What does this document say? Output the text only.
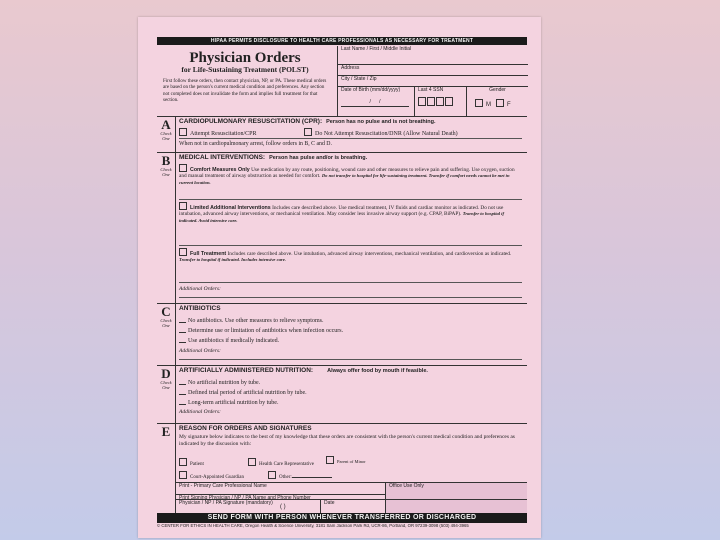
HIPAA PERMITS DISCLOSURE TO HEALTH CARE PROFESSIONALS AS NECESSARY FOR TREATMENT
Physician Orders
for Life-Sustaining Treatment (POLST)
First follow these orders, then contact physician, NP, or PA. These medical orders are based on the person's current medical condition and preferences. Any section not completed does not invalidate the form and implies full treatment for that section.
Last Name / First / Middle Initial
Address
City / State / Zip
Date of Birth (mm/dd/yyyy)
/      /
Last 4 SSN	Gender
M	F
A
Check One
CARDIOPULMONARY RESUSCITATION (CPR): Person has no pulse and is not breathing.
Attempt Resuscitation/CPR	Do Not Attempt Resuscitation/DNR (Allow Natural Death)
When not in cardiopulmonary arrest, follow orders in B, C and D.
B
Check One
MEDICAL INTERVENTIONS: Person has pulse and/or is breathing.
Comfort Measures Only Use medication by any route, positioning, wound care and other measures to relieve pain and suffering. Use oxygen, suction and manual treatment of airway obstruction as needed for comfort. Do not transfer to hospital for life-sustaining treatment. Transfer if comfort needs cannot be met in current location.
Limited Additional Interventions Includes care described above. Use medical treatment, IV fluids and cardiac monitor as indicated. Do not use intubation, advanced airway interventions, or mechanical ventilation. May consider less invasive airway support (e.g. CPAP, BiPAP). Transfer to hospital if indicated. Avoid intensive care.
Full Treatment Includes care described above. Use intubation, advanced airway interventions, mechanical ventilation, and cardioversion as indicated. Transfer to hospital if indicated. Includes intensive care.
Additional Orders:
C
Check One
ANTIBIOTICS
No antibiotics. Use other measures to relieve symptoms.
Determine use or limitation of antibiotics when infection occurs.
Use antibiotics if medically indicated.
Additional Orders:
D
Check One
ARTIFICIALLY ADMINISTERED NUTRITION:	Always offer food by mouth if feasible.
No artificial nutrition by tube.
Defined trial period of artificial nutrition by tube.
Long-term artificial nutrition by tube.
Additional Orders:
E	REASON FOR ORDERS AND SIGNATURES
My signature below indicates to the best of my knowledge that these orders are consistent with the person's current medical condition and preferences as indicated by the discussion with:
Patient	Health Care Representative
Parent of Minor
Court-Appointed Guardian	Other:
Print - Primary Care Professional Name	Office Use Only
Print Signing Physician / NP / PA Name and Phone Number
( )
Physician / NP / PA Signature (mandatory)	Date
SEND FORM WITH PERSON WHENEVER TRANSFERRED OR DISCHARGED
© CENTER FOR ETHICS IN HEALTH CARE, Oregon Health & Science University, 3181 Sam Jackson Park Rd, UCR-86, Portland, OR 97239-3098 (503) 494-3965
